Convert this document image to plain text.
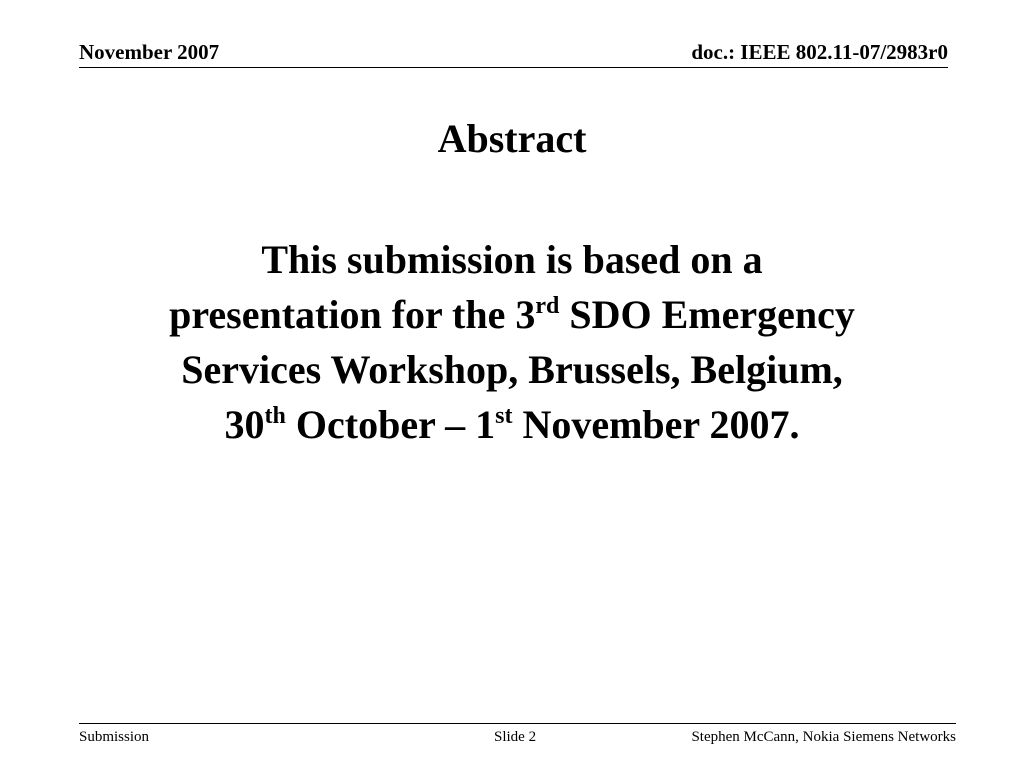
November 2007	doc.: IEEE 802.11-07/2983r0
Abstract
This submission is based on a
presentation for the 3rd SDO Emergency
Services Workshop, Brussels, Belgium,
30th October – 1st November 2007.
Submission	Slide 2	Stephen McCann, Nokia Siemens Networks
